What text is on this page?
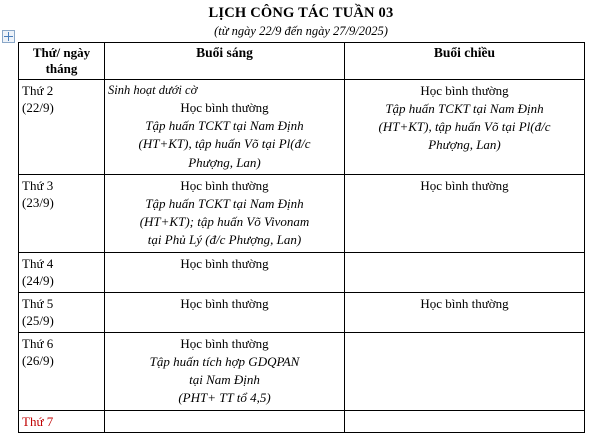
LỊCH CÔNG TÁC TUẦN 03
(từ ngày 22/9 đến ngày 27/9/2025)
Thứ/ ngày tháng	Buổi sáng	Buổi chiều

Thứ 2
(22/9)	Sinh hoạt dưới cờ
Học bình thường
Tập huấn TCKT tại Nam Định
(HT+KT), tập huấn Võ tại Pl(đ/c
Phượng, Lan)	Học bình thường
Tập huấn TCKT tại Nam Định
(HT+KT), tập huấn Võ tại Pl(đ/c
Phượng, Lan)

Thứ 3
(23/9)	Học bình thường
Tập huấn TCKT tại Nam Định
(HT+KT); tập huấn Võ Vivonam
tại Phủ Lý (đ/c Phượng, Lan)	Học bình thường

Thứ 4
(24/9)	Học bình thường	

Thứ 5
(25/9)	Học bình thường	Học bình thường

Thứ 6
(26/9)	Học bình thường
Tập huấn tích hợp GDQPAN
tại Nam Định
(PHT+ TT tổ 4,5)	

Thứ 7		
